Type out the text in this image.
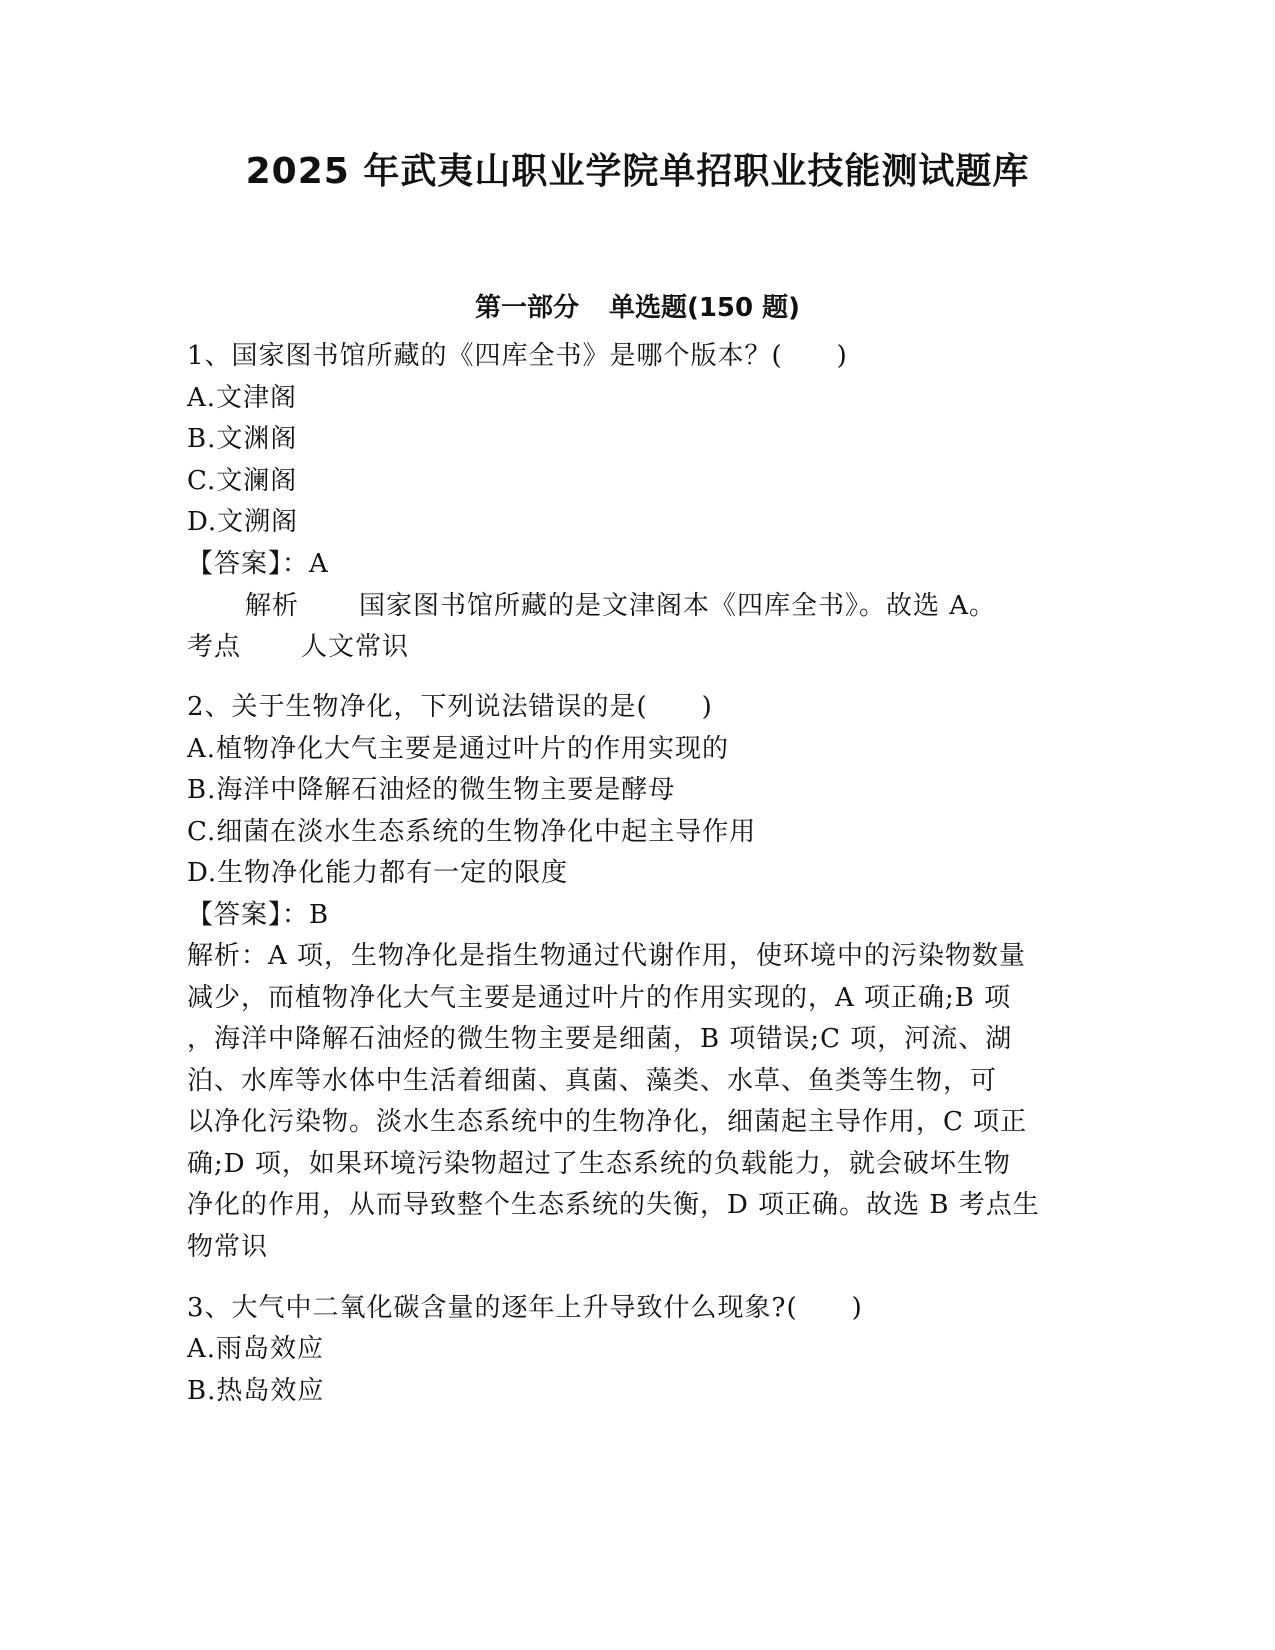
2025 年武夷山职业学院单招职业技能测试题库
第一部分 单选题(150 题)
1、国家图书馆所藏的《四库全书》是哪个版本？(　　)
A.文津阁
B.文渊阁
C.文澜阁
D.文溯阁
【答案】：A
解析 国家图书馆所藏的是文津阁本《四库全书》。故选 A。
考点 人文常识
2、关于生物净化，下列说法错误的是(　　)
A.植物净化大气主要是通过叶片的作用实现的
B.海洋中降解石油烃的微生物主要是酵母
C.细菌在淡水生态系统的生物净化中起主导作用
D.生物净化能力都有一定的限度
【答案】：B
解析：A 项，生物净化是指生物通过代谢作用，使环境中的污染物数量
减少，而植物净化大气主要是通过叶片的作用实现的，A 项正确;B 项
，海洋中降解石油烃的微生物主要是细菌，B 项错误;C 项，河流、湖
泊、水库等水体中生活着细菌、真菌、藻类、水草、鱼类等生物，可
以净化污染物。淡水生态系统中的生物净化，细菌起主导作用，C 项正
确;D 项，如果环境污染物超过了生态系统的负载能力，就会破坏生物
净化的作用，从而导致整个生态系统的失衡，D 项正确。故选 B 考点生
物常识
3、大气中二氧化碳含量的逐年上升导致什么现象?(　　)
A.雨岛效应
B.热岛效应
